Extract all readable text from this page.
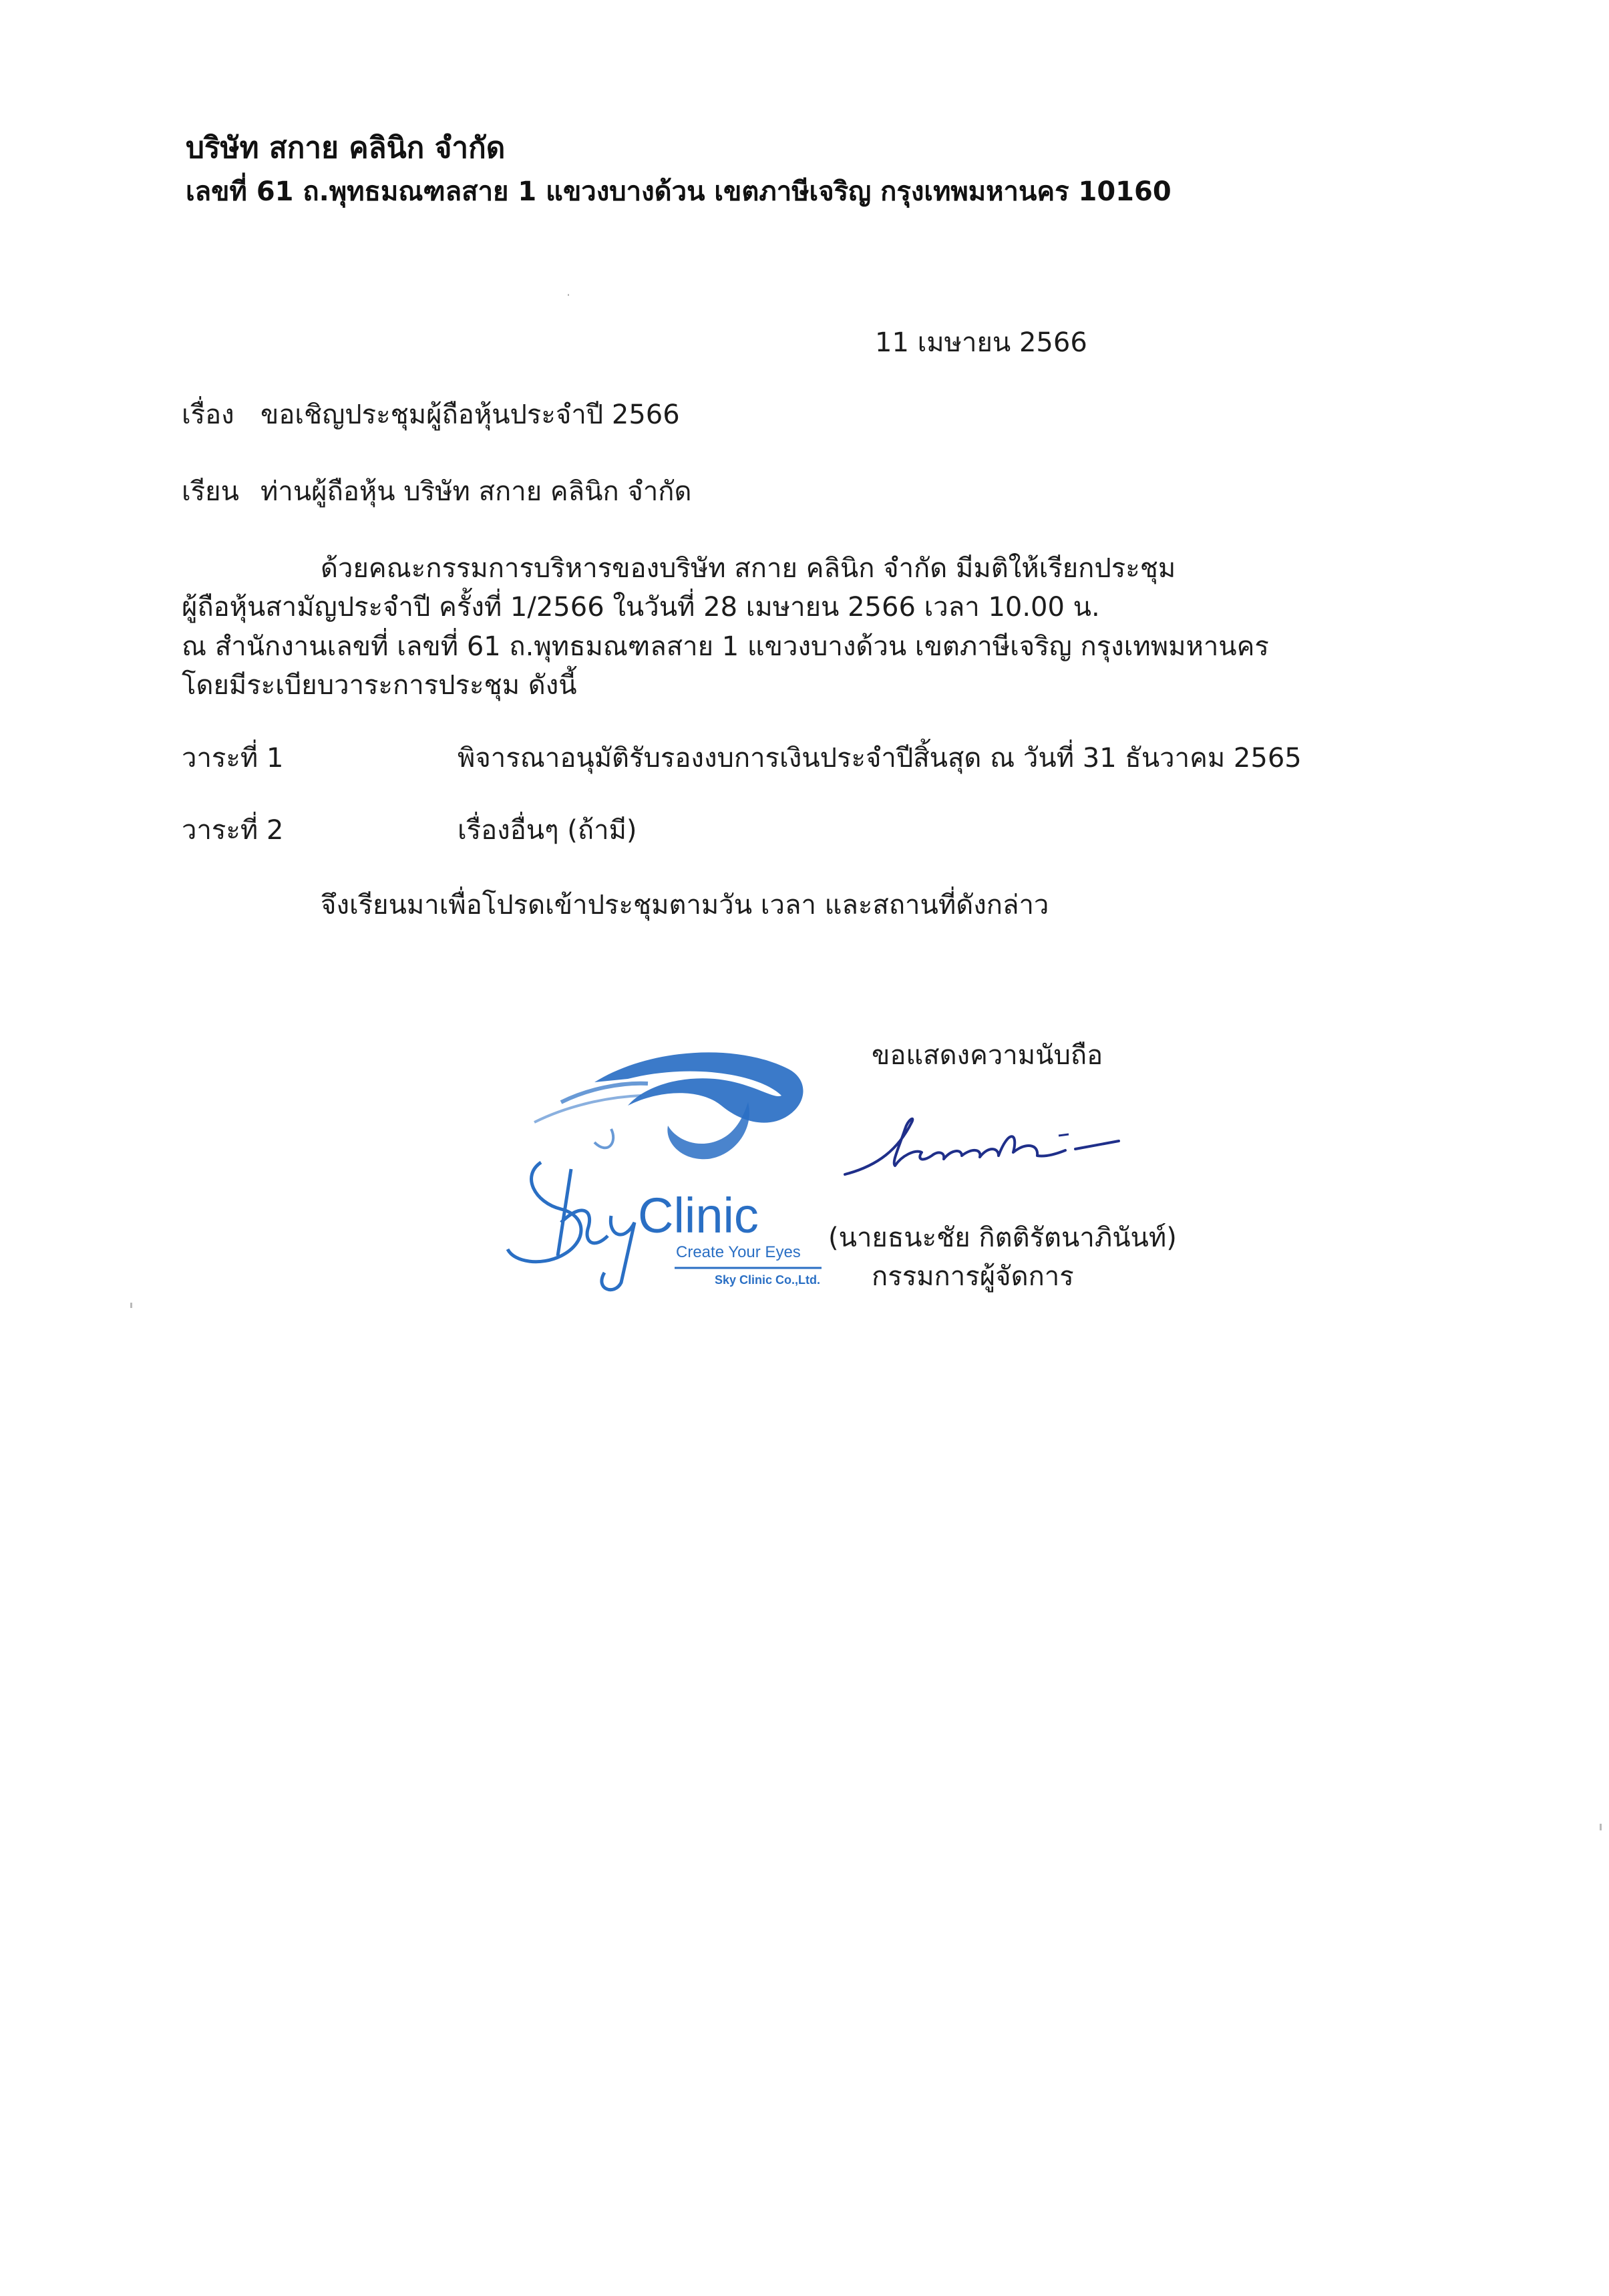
บริษัท สกาย คลินิก จำกัด
เลขที่ 61 ถ.พุทธมณฑลสาย 1 แขวงบางด้วน เขตภาษีเจริญ กรุงเทพมหานคร 10160
11 เมษายน 2566
เรื่อง ขอเชิญประชุมผู้ถือหุ้นประจำปี 2566
เรียน ท่านผู้ถือหุ้น บริษัท สกาย คลินิก จำกัด
ด้วยคณะกรรมการบริหารของบริษัท สกาย คลินิก จำกัด มีมติให้เรียกประชุม
ผู้ถือหุ้นสามัญประจำปี ครั้งที่ 1/2566 ในวันที่ 28 เมษายน 2566 เวลา 10.00 น.
ณ สำนักงานเลขที่ เลขที่ 61 ถ.พุทธมณฑลสาย 1 แขวงบางด้วน เขตภาษีเจริญ กรุงเทพมหานคร
โดยมีระเบียบวาระการประชุม ดังนี้
วาระที่ 1	พิจารณาอนุมัติรับรองงบการเงินประจำปีสิ้นสุด ณ วันที่ 31 ธันวาคม 2565
วาระที่ 2	เรื่องอื่นๆ (ถ้ามี)
จึงเรียนมาเพื่อโปรดเข้าประชุมตามวัน เวลา และสถานที่ดังกล่าว
ขอแสดงความนับถือ
Clinic
Create Your Eyes
Sky Clinic Co.,Ltd.
(นายธนะชัย กิตติรัตนาภินันท์)
กรรมการผู้จัดการ
